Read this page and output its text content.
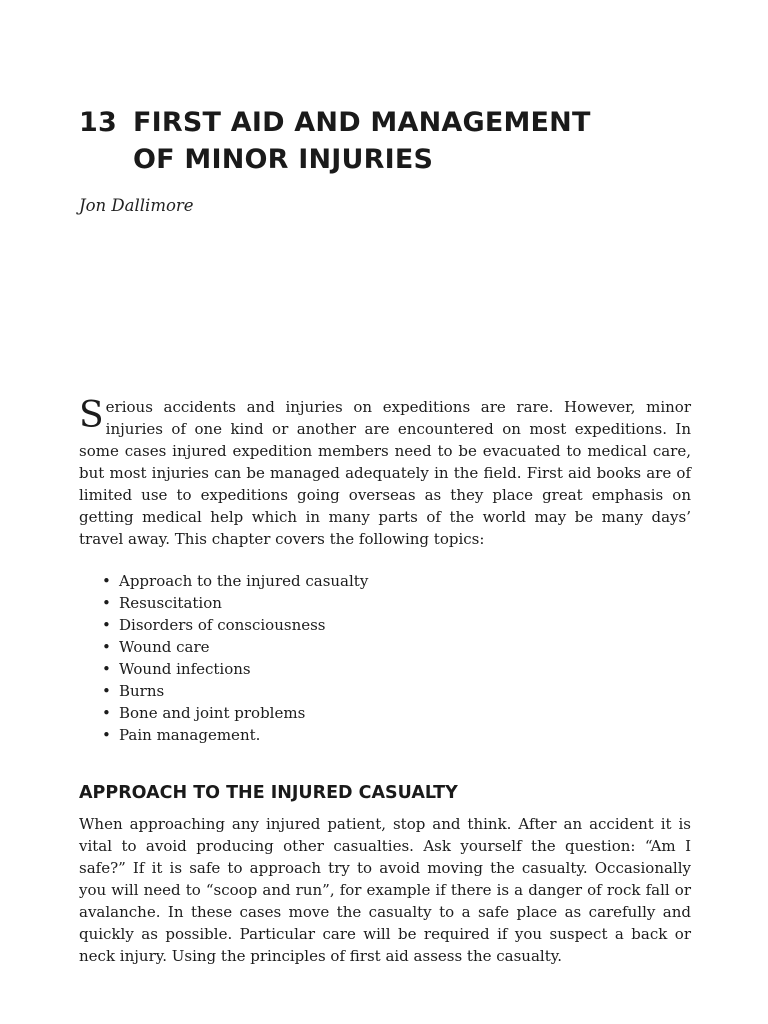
13 FIRST AID AND MANAGEMENT
OF MINOR INJURIES

Jon Dallimore

Serious accidents and injuries on expeditions are rare. However, minor injuries of one kind or another are encountered on most expeditions. In some cases injured expedition members need to be evacuated to medical care, but most injuries can be managed adequately in the field. First aid books are of limited use to expeditions going overseas as they place great emphasis on getting medical help which in many parts of the world may be many days’ travel away. This chapter covers the following topics:

• Approach to the injured casualty
• Resuscitation
• Disorders of consciousness
• Wound care
• Wound infections
• Burns
• Bone and joint problems
• Pain management.
APPROACH TO THE INJURED CASUALTY

When approaching any injured patient, stop and think. After an accident it is vital to avoid producing other casualties. Ask yourself the question: “Am I safe?” If it is safe to approach try to avoid moving the casualty. Occasionally you will need to “scoop and run”, for example if there is a danger of rock fall or avalanche. In these cases move the casualty to a safe place as carefully and quickly as possible. Particular care will be required if you suspect a back or neck injury. Using the principles of first aid assess the casualty.
